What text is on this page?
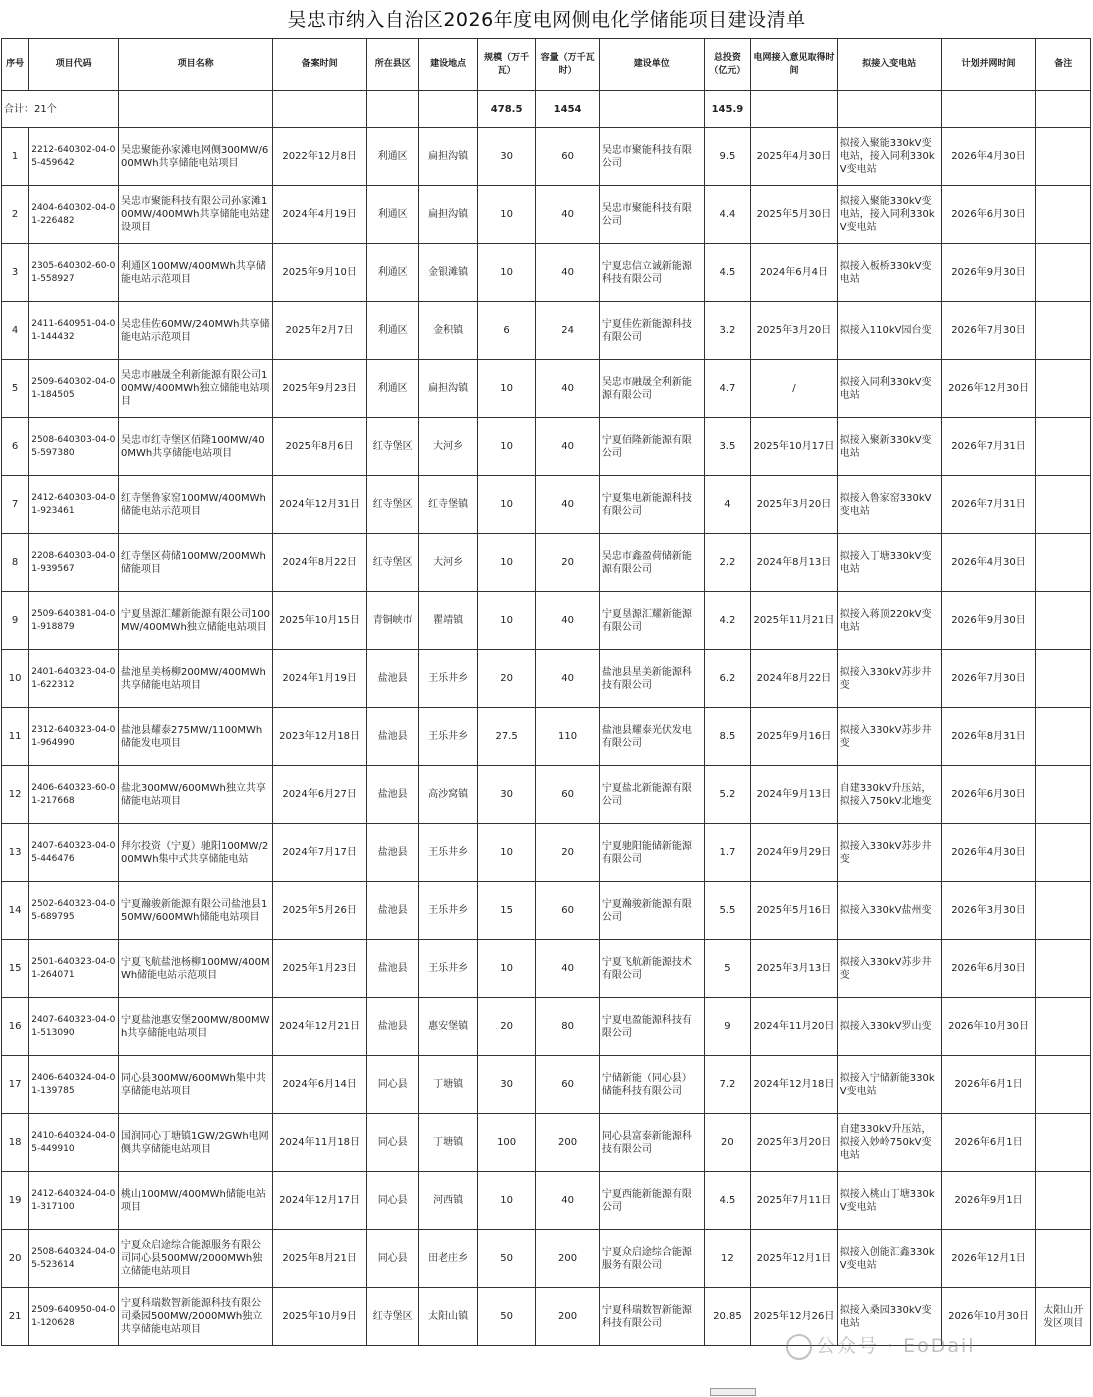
吴忠市纳入自治区2026年度电网侧电化学储能项目建设清单
序号	项目代码	项目名称	备案时间	所在县区	建设地点	规模（万千瓦）	容量（万千瓦时）	建设单位	总投资（亿元）	电网接入意见取得时间	拟接入变电站	计划并网时间	备注
合计：21个						478.5	1454		145.9				
1	2212-640302-04-05-459642	吴忠聚能孙家滩电网侧300MW/600MWh共享储能电站项目	2022年12月8日	利通区	扁担沟镇	30	60	吴忠市聚能科技有限公司	9.5	2025年4月30日	拟接入聚能330kV变电站，接入同利330kV变电站	2026年4月30日	
2	2404-640302-04-01-226482	吴忠市聚能科技有限公司孙家滩100MW/400MWh共享储能电站建设项目	2024年4月19日	利通区	扁担沟镇	10	40	吴忠市聚能科技有限公司	4.4	2025年5月30日	拟接入聚能330kV变电站，接入同利330kV变电站	2026年6月30日	
3	2305-640302-60-01-558927	利通区100MW/400MWh共享储能电站示范项目	2025年9月10日	利通区	金银滩镇	10	40	宁夏忠信立诚新能源科技有限公司	4.5	2024年6月4日	拟接入板桥330kV变电站	2026年9月30日	
4	2411-640951-04-01-144432	吴忠佳佐60MW/240MWh共享储能电站示范项目	2025年2月7日	利通区	金积镇	6	24	宁夏佳佐新能源科技有限公司	3.2	2025年3月20日	拟接入110kV园台变	2026年7月30日	
5	2509-640302-04-01-184505	吴忠市融晟全利新能源有限公司100MW/400MWh独立储能电站项目	2025年9月23日	利通区	扁担沟镇	10	40	吴忠市融晟全利新能源有限公司	4.7	/	拟接入同利330kV变电站	2026年12月30日	
6	2508-640303-04-05-597380	吴忠市红寺堡区佰隆100MW/400MWh共享储能电站项目	2025年8月6日	红寺堡区	大河乡	10	40	宁夏佰隆新能源有限公司	3.5	2025年10月17日	拟接入聚新330kV变电站	2026年7月31日	
7	2412-640303-04-01-923461	红寺堡鲁家窑100MW/400MWh储能电站示范项目	2024年12月31日	红寺堡区	红寺堡镇	10	40	宁夏集电新能源科技有限公司	4	2025年3月20日	拟接入鲁家窑330kV变电站	2026年7月31日	
8	2208-640303-04-01-939567	红寺堡区荷储100MW/200MWh储能项目	2024年8月22日	红寺堡区	大河乡	10	20	吴忠市鑫盈荷储新能源有限公司	2.2	2024年8月13日	拟接入丁塘330kV变电站	2026年4月30日	
9	2509-640381-04-01-918879	宁夏垦源汇耀新能源有限公司100MW/400MWh独立储能电站项目	2025年10月15日	青铜峡市	瞿靖镇	10	40	宁夏垦源汇耀新能源有限公司	4.2	2025年11月21日	拟接入蒋顶220kV变电站	2026年9月30日	
10	2401-640323-04-01-622312	盐池星美杨柳200MW/400MWh共享储能电站项目	2024年1月19日	盐池县	王乐井乡	20	40	盐池县星美新能源科技有限公司	6.2	2024年8月22日	拟接入330kV苏步井变	2026年7月30日	
11	2312-640323-04-01-964990	盐池县耀泰275MW/1100MWh储能发电项目	2023年12月18日	盐池县	王乐井乡	27.5	110	盐池县耀泰光伏发电有限公司	8.5	2025年9月16日	拟接入330kV苏步井变	2026年8月31日	
12	2406-640323-60-01-217668	盐北300MW/600MWh独立共享储能电站项目	2024年6月27日	盐池县	高沙窝镇	30	60	宁夏盐北新能源有限公司	5.2	2024年9月13日	自建330kV升压站，拟接入750kV北地变	2026年6月30日	
13	2407-640323-04-05-446476	拜尔投资（宁夏）驰阳100MW/200MWh集中式共享储能电站	2024年7月17日	盐池县	王乐井乡	10	20	宁夏驰阳能储新能源有限公司	1.7	2024年9月29日	拟接入330kV苏步井变	2026年4月30日	
14	2502-640323-04-05-689795	宁夏瀚骏新能源有限公司盐池县150MW/600MWh储能电站项目	2025年5月26日	盐池县	王乐井乡	15	60	宁夏瀚骏新能源有限公司	5.5	2025年5月16日	拟接入330kV盐州变	2026年3月30日	
15	2501-640323-04-01-264071	宁夏飞航盐池杨柳100MW/400MWh储能电站示范项目	2025年1月23日	盐池县	王乐井乡	10	40	宁夏飞航新能源技术有限公司	5	2025年3月13日	拟接入330kV苏步井变	2026年6月30日	
16	2407-640323-04-01-513090	宁夏盐池惠安堡200MW/800MWh共享储能电站项目	2024年12月21日	盐池县	惠安堡镇	20	80	宁夏电盈能源科技有限公司	9	2024年11月20日	拟接入330kV罗山变	2026年10月30日	
17	2406-640324-04-01-139785	同心县300MW/600MWh集中共享储能电站项目	2024年6月14日	同心县	丁塘镇	30	60	宁储新能（同心县）储能科技有限公司	7.2	2024年12月18日	拟接入宁储新能330kV变电站	2026年6月1日	
18	2410-640324-04-05-449910	国润同心丁塘镇1GW/2GWh电网侧共享储能电站项目	2024年11月18日	同心县	丁塘镇	100	200	同心县富泰新能源科技有限公司	20	2025年3月20日	自建330kV升压站，拟接入妙岭750kV变电站	2026年6月1日	
19	2412-640324-04-01-317100	桃山100MW/400MWh储能电站项目	2024年12月17日	同心县	河西镇	10	40	宁夏西能新能源有限公司	4.5	2025年7月11日	拟接入桃山丁塘330kV变电站	2026年9月1日	
20	2508-640324-04-05-523614	宁夏众启途综合能源服务有限公司同心县500MW/2000MWh独立储能电站项目	2025年8月21日	同心县	田老庄乡	50	200	宁夏众启途综合能源服务有限公司	12	2025年12月1日	拟接入创能汇鑫330kV变电站	2026年12月1日	
21	2509-640950-04-01-120628	宁夏科瑞数智新能源科技有限公司桑园500MW/2000MWh独立共享储能电站项目	2025年10月9日	红寺堡区	太阳山镇	50	200	宁夏科瑞数智新能源科技有限公司	20.85	2025年12月26日	拟接入桑园330kV变电站	2026年10月30日	太阳山开发区项目
公众号 · EoDail
